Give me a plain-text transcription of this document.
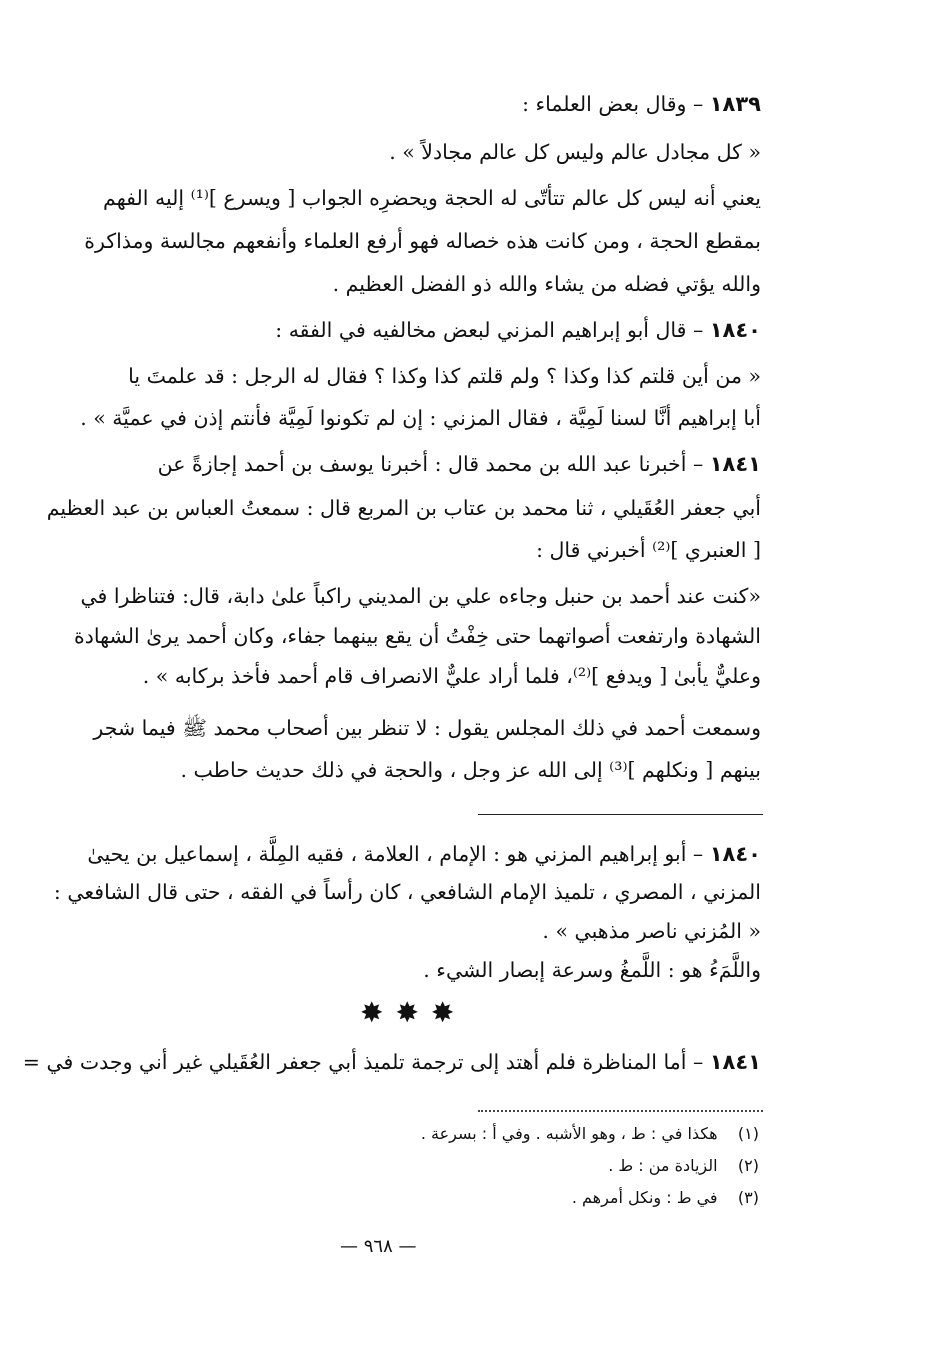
١٨٣٩ – وقال بعض العلماء :
« كل مجادل عالم وليس كل عالم مجادلاً » .
يعني أنه ليس كل عالم تتأتّى له الحجة ويحضرِه الجواب [ ويسرع ]⁽¹⁾ إليه الفهم
بمقطع الحجة ، ومن كانت هذه خصاله فهو أرفع العلماء وأنفعهم مجالسة ومذاكرة
والله يؤتي فضله من يشاء والله ذو الفضل العظيم .
١٨٤٠ – قال أبو إبراهيم المزني لبعض مخالفيه في الفقه :
« من أين قلتم كذا وكذا ؟ ولم قلتم كذا وكذا ؟ فقال له الرجل : قد علمتَ يا
أبا إبراهيم أنَّا لسنا لَمِيَّة ، فقال المزني : إن لم تكونوا لَمِيَّة فأنتم إذن في عميَّة » .
١٨٤١ – أخبرنا عبد الله بن محمد قال : أخبرنا يوسف بن أحمد إجازةً عن
أبي جعفر العُقَيلي ، ثنا محمد بن عتاب بن المربع قال : سمعتُ العباس بن عبد العظيم
[ العنبري ]⁽²⁾ أخبرني قال :
«كنت عند أحمد بن حنبل وجاءه علي بن المديني راكباً علىٰ دابة، قال: فتناظرا في
الشهادة وارتفعت أصواتهما حتى خِفْتُ أن يقع بينهما جفاء، وكان أحمد يرىٰ الشهادة
وعليٌّ يأبىٰ [ ويدفع ]⁽²⁾، فلما أراد عليٌّ الانصراف قام أحمد فأخذ بركابه » .
وسمعت أحمد في ذلك المجلس يقول : لا تنظر بين أصحاب محمد ﷺ فيما شجر
بينهم [ ونكلهم ]⁽³⁾ إلى الله عز وجل ، والحجة في ذلك حديث حاطب .
١٨٤٠ – أبو إبراهيم المزني هو : الإمام ، العلامة ، فقيه المِلَّة ، إسماعيل بن يحيىٰ
المزني ، المصري ، تلميذ الإمام الشافعي ، كان رأساً في الفقه ، حتى قال الشافعي :
« المُزني ناصر مذهبي » .
واللَّمَءُ هو : اللَّمغُ وسرعة إبصار الشيء .
✸✸✸
١٨٤١ – أما المناظرة فلم أهتد إلى ترجمة تلميذ أبي جعفر العُقَيلي غير أني وجدت في =
(١)    هكذا في : ط ، وهو الأشبه . وفي أ : بسرعة .
(٢)    الزيادة من : ط .
(٣)    في ط : ونكل أمرهم .
— ٩٦٨ —
